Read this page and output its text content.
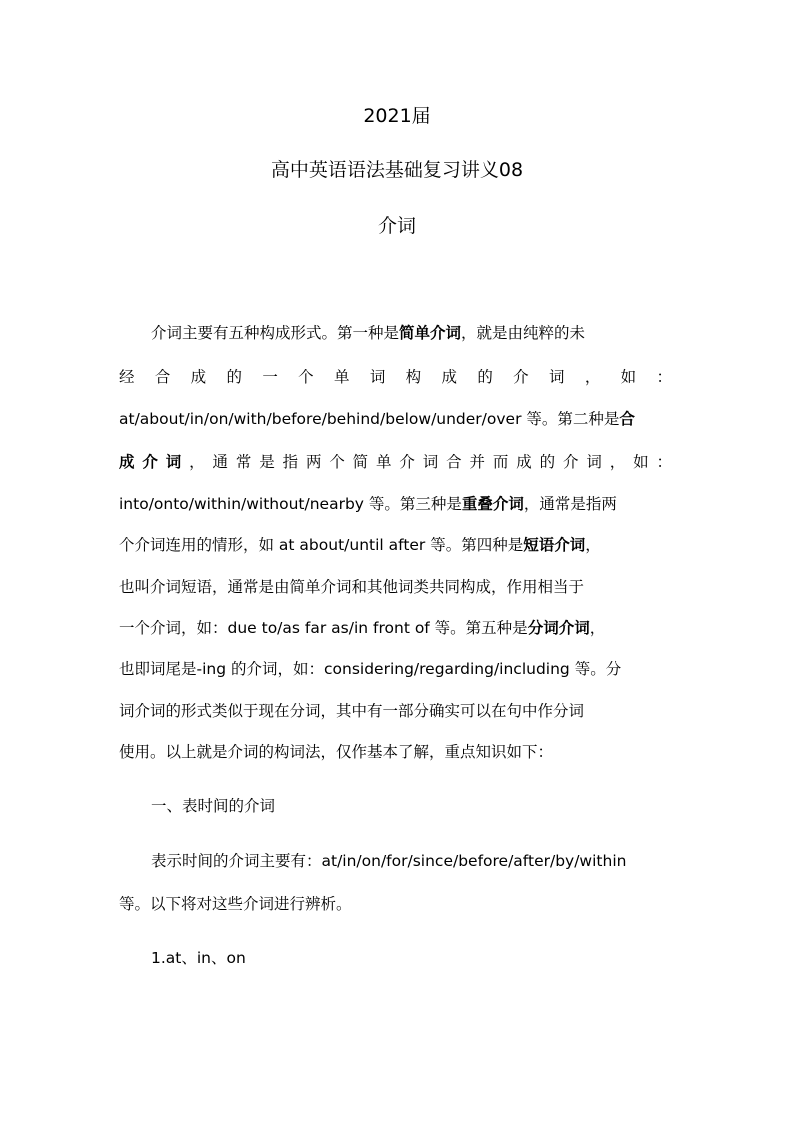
2021届
高中英语语法基础复习讲义08
介词

介词主要有五种构成形式。第一种是简单介词，就是由纯粹的未

经 合 成 的 一 个 单 词 构 成 的 介 词 ， 如 ：

at/about/in/on/with/before/behind/below/under/over 等。第二种是合

成介词，通常是指两个简单介词合并而成的介词，如：

into/onto/within/without/nearby 等。第三种是重叠介词，通常是指两

个介词连用的情形，如 at about/until after 等。第四种是短语介词，

也叫介词短语，通常是由简单介词和其他词类共同构成，作用相当于

一个介词，如：due to/as far as/in front of 等。第五种是分词介词，

也即词尾是-ing 的介词，如：considering/regarding/including 等。分

词介词的形式类似于现在分词，其中有一部分确实可以在句中作分词

使用。以上就是介词的构词法，仅作基本了解，重点知识如下：

一、表时间的介词

表示时间的介词主要有：at/in/on/for/since/before/after/by/within

等。以下将对这些介词进行辨析。

1.at、in、on
